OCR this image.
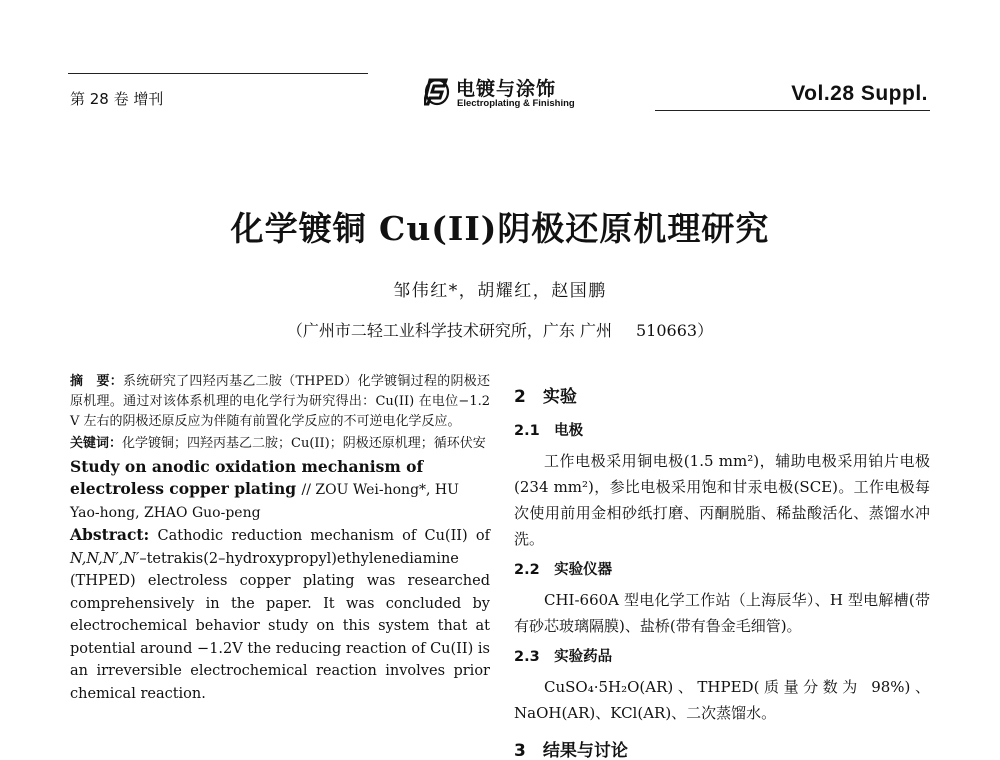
第 28 卷 增刊	电镀与涂饰
Electroplating & Finishing	Vol.28 Suppl.
化学镀铜 Cu(II)阴极还原机理研究
邹伟红*，胡耀红，赵国鹏
（广州市二轻工业科学技术研究所，广东 广州 510663）

摘　要：系统研究了四羟丙基乙二胺（THPED）化学镀铜过程的阴极还原机理。通过对该体系机理的电化学行为研究得出：Cu(II) 在电位−1.2 V 左右的阴极还原反应为伴随有前置化学反应的不可逆电化学反应。

关键词：化学镀铜；四羟丙基乙二胺；Cu(II)；阴极还原机理；循环伏安

Study on anodic oxidation mechanism of electroless copper plating // ZOU Wei-hong*, HU Yao-hong, ZHAO Guo-peng

Abstract: Cathodic reduction mechanism of Cu(II) of N,N,N′,N′–tetrakis(2–hydroxypropyl)ethylenediamine (THPED) electroless copper plating was researched comprehensively in the paper. It was concluded by electrochemical behavior study on this system that at potential around −1.2V the reducing reaction of Cu(II) is an irreversible electrochemical reaction involves prior chemical reaction.

2　实验
2.1　电极

工作电极采用铜电极(1.5 mm²)，辅助电极采用铂片电极(234 mm²)，参比电极采用饱和甘汞电极(SCE)。工作电极每次使用前用金相砂纸打磨、丙酮脱脂、稀盐酸活化、蒸馏水冲洗。

2.2　实验仪器

CHI-660A 型电化学工作站（上海辰华）、H 型电解槽(带有砂芯玻璃隔膜)、盐桥(带有鲁金毛细管)。

2.3　实验药品

CuSO₄·5H₂O(AR)、THPED(质量分数为 98%)、NaOH(AR)、KCl(AR)、二次蒸馏水。

3　结果与讨论
